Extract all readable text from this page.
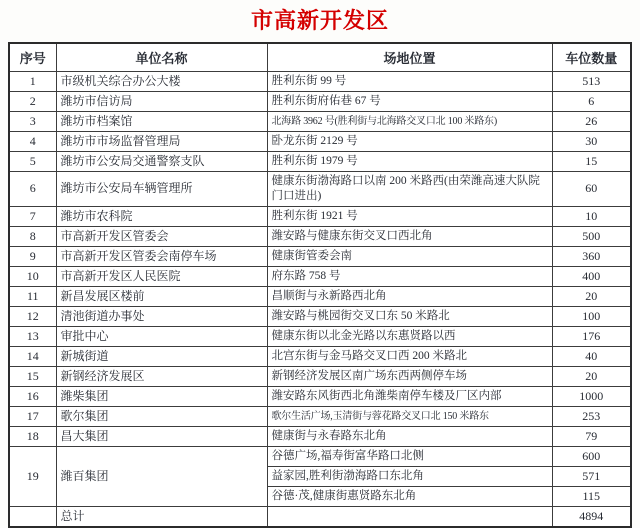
市高新开发区
序号	单位名称	场地位置	车位数量
1	市级机关综合办公大楼	胜利东街 99 号	513
2	潍坊市信访局	胜利东街府佑巷 67 号	6
3	潍坊市档案馆	北海路 3962 号(胜利街与北海路交叉口北 100 米路东)	26
4	潍坊市市场监督管理局	卧龙东街 2129 号	30
5	潍坊市公安局交通警察支队	胜利东街 1979 号	15
6	潍坊市公安局车辆管理所	健康东街渤海路口以南 200 米路西(由荣潍高速大队院门口进出)	60
7	潍坊市农科院	胜利东街 1921 号	10
8	市高新开发区管委会	潍安路与健康东街交叉口西北角	500
9	市高新开发区管委会南停车场	健康街管委会南	360
10	市高新开发区人民医院	府东路 758 号	400
11	新昌发展区楼前	昌顺街与永新路西北角	20
12	清池街道办事处	潍安路与桃园街交叉口东 50 米路北	100
13	审批中心	健康东街以北金光路以东惠贤路以西	176
14	新城街道	北宫东街与金马路交叉口西 200 米路北	40
15	新钢经济发展区	新钢经济发展区南广场东西两侧停车场	20
16	潍柴集团	潍安路东风街西北角潍柴南停车楼及厂区内部	1000
17	歌尔集团	歌尔生活广场,玉清街与蓉花路交叉口北 150 米路东	253
18	昌大集团	健康街与永春路东北角	79
19	潍百集团	谷德广场,福寿街富华路口北侧	600
		益家园,胜利街渤海路口东北角	571
		谷德·茂,健康街惠贤路东北角	115
	总计		4894
